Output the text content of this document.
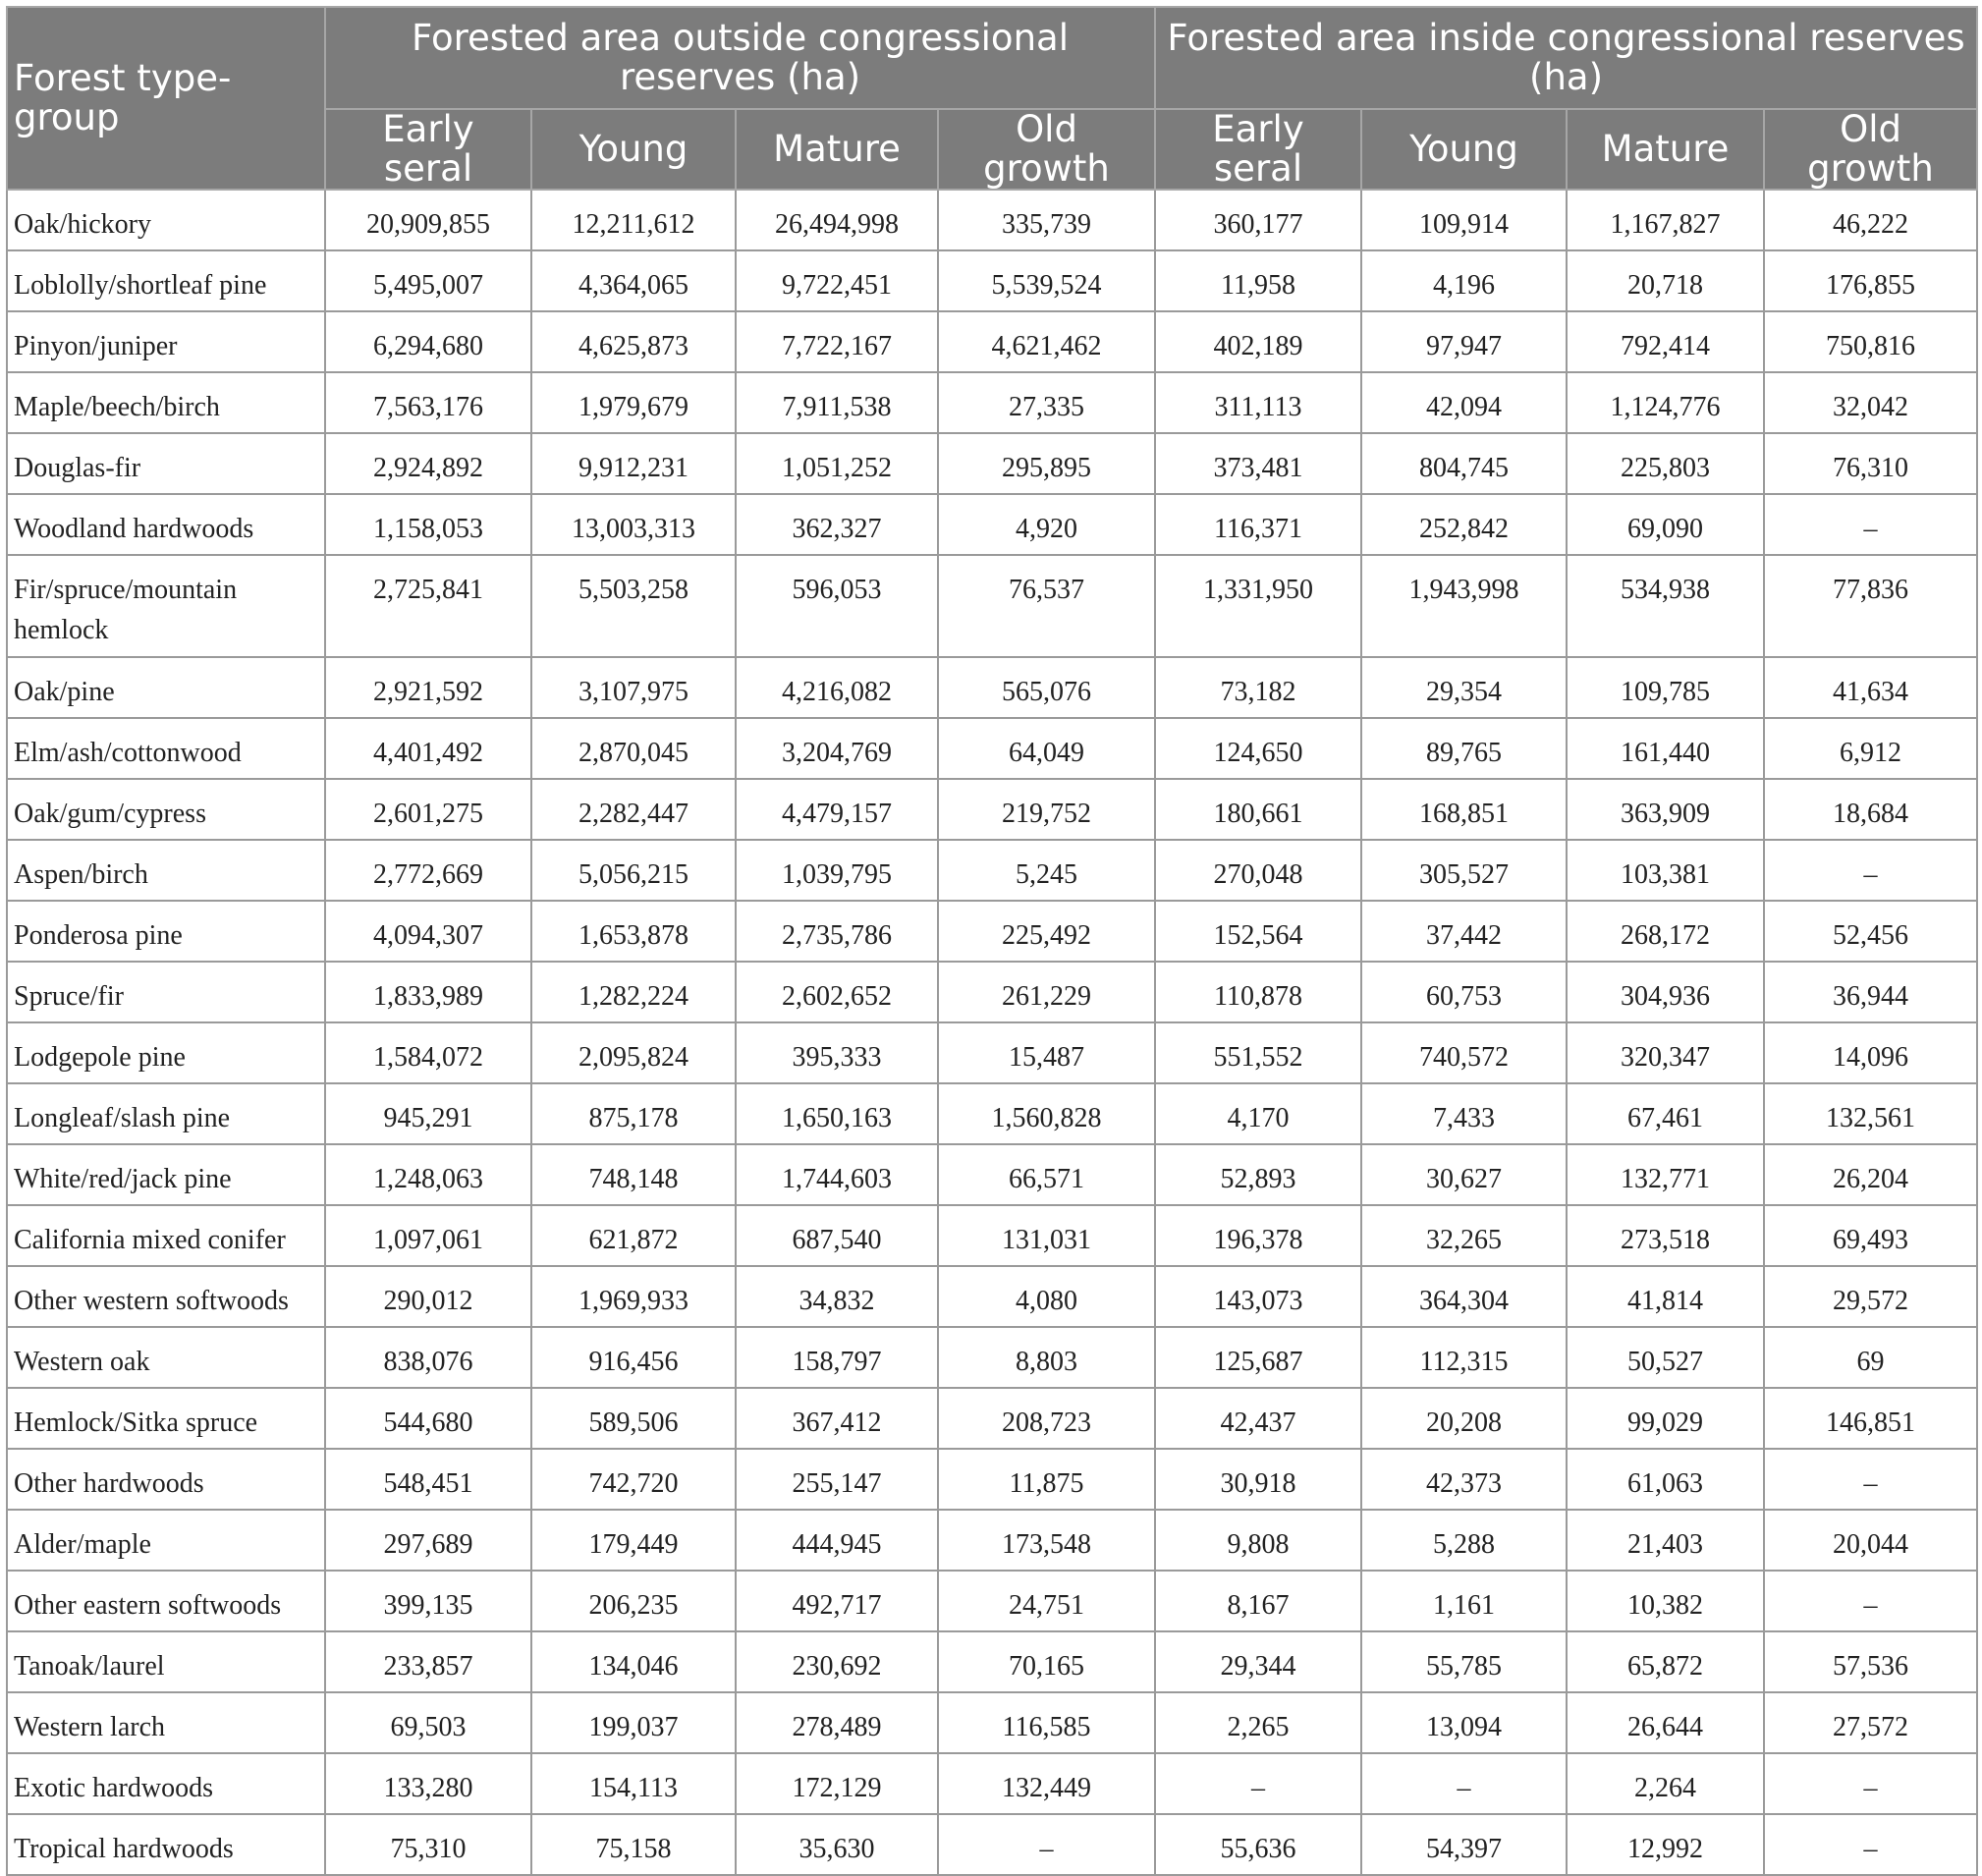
Forest type-group	Forested area outside congressional reserves (ha)				Forested area inside congressional reserves (ha)			
	Early seral	Young	Mature	Old growth	Early seral	Young	Mature	Old growth
Oak/hickory	20,909,855	12,211,612	26,494,998	335,739	360,177	109,914	1,167,827	46,222
Loblolly/shortleaf pine	5,495,007	4,364,065	9,722,451	5,539,524	11,958	4,196	20,718	176,855
Pinyon/juniper	6,294,680	4,625,873	7,722,167	4,621,462	402,189	97,947	792,414	750,816
Maple/beech/birch	7,563,176	1,979,679	7,911,538	27,335	311,113	42,094	1,124,776	32,042
Douglas-fir	2,924,892	9,912,231	1,051,252	295,895	373,481	804,745	225,803	76,310
Woodland hardwoods	1,158,053	13,003,313	362,327	4,920	116,371	252,842	69,090	–
Fir/spruce/mountain hemlock	2,725,841	5,503,258	596,053	76,537	1,331,950	1,943,998	534,938	77,836
Oak/pine	2,921,592	3,107,975	4,216,082	565,076	73,182	29,354	109,785	41,634
Elm/ash/cottonwood	4,401,492	2,870,045	3,204,769	64,049	124,650	89,765	161,440	6,912
Oak/gum/cypress	2,601,275	2,282,447	4,479,157	219,752	180,661	168,851	363,909	18,684
Aspen/birch	2,772,669	5,056,215	1,039,795	5,245	270,048	305,527	103,381	–
Ponderosa pine	4,094,307	1,653,878	2,735,786	225,492	152,564	37,442	268,172	52,456
Spruce/fir	1,833,989	1,282,224	2,602,652	261,229	110,878	60,753	304,936	36,944
Lodgepole pine	1,584,072	2,095,824	395,333	15,487	551,552	740,572	320,347	14,096
Longleaf/slash pine	945,291	875,178	1,650,163	1,560,828	4,170	7,433	67,461	132,561
White/red/jack pine	1,248,063	748,148	1,744,603	66,571	52,893	30,627	132,771	26,204
California mixed conifer	1,097,061	621,872	687,540	131,031	196,378	32,265	273,518	69,493
Other western softwoods	290,012	1,969,933	34,832	4,080	143,073	364,304	41,814	29,572
Western oak	838,076	916,456	158,797	8,803	125,687	112,315	50,527	69
Hemlock/Sitka spruce	544,680	589,506	367,412	208,723	42,437	20,208	99,029	146,851
Other hardwoods	548,451	742,720	255,147	11,875	30,918	42,373	61,063	–
Alder/maple	297,689	179,449	444,945	173,548	9,808	5,288	21,403	20,044
Other eastern softwoods	399,135	206,235	492,717	24,751	8,167	1,161	10,382	–
Tanoak/laurel	233,857	134,046	230,692	70,165	29,344	55,785	65,872	57,536
Western larch	69,503	199,037	278,489	116,585	2,265	13,094	26,644	27,572
Exotic hardwoods	133,280	154,113	172,129	132,449	–	–	2,264	–
Tropical hardwoods	75,310	75,158	35,630	–	55,636	54,397	12,992	–
